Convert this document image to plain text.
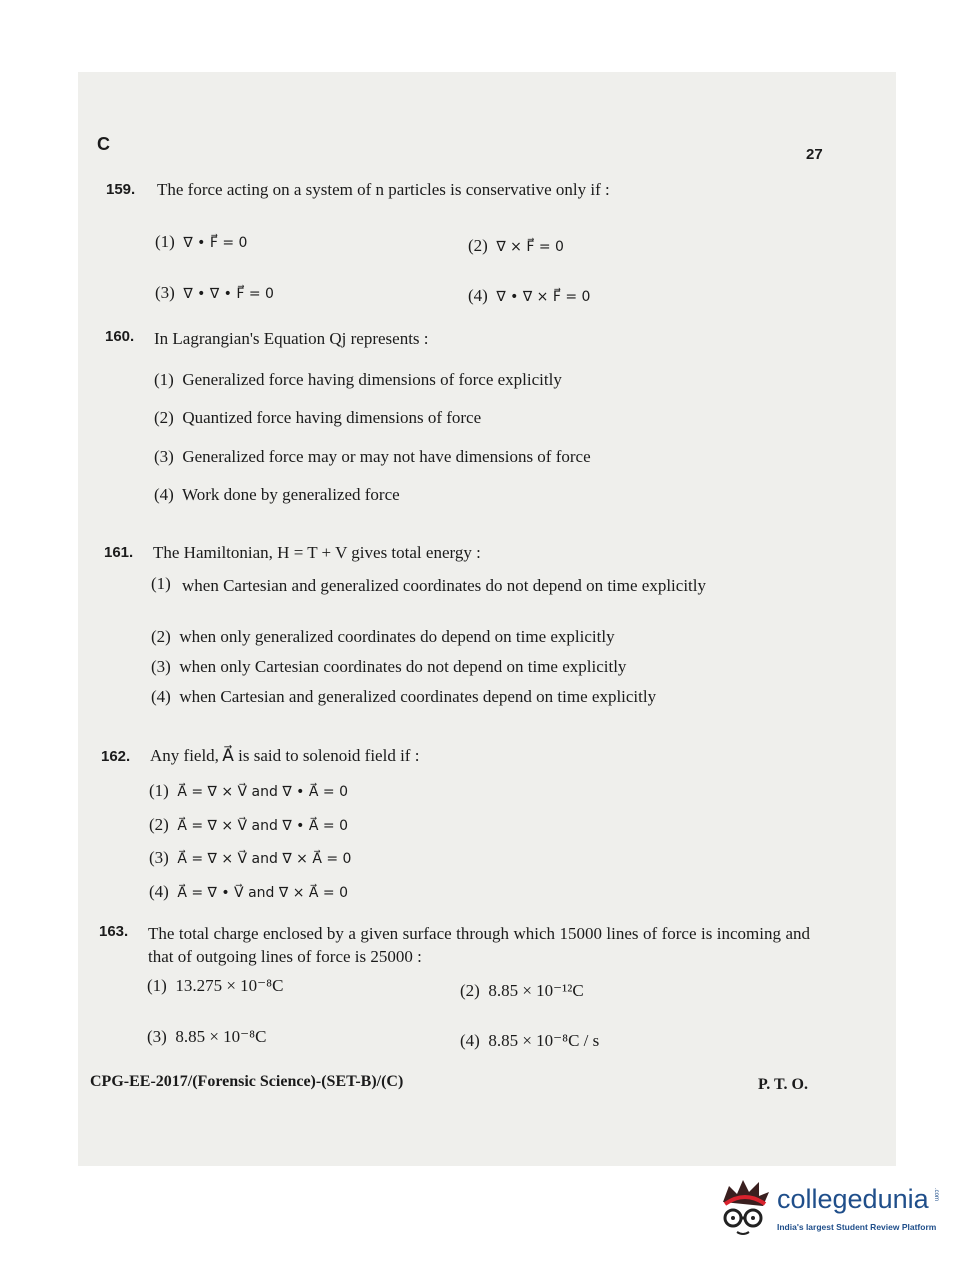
C
27
159. The force acting on a system of n particles is conservative only if :
(1) ∇ • F⃗ = 0	(2) ∇ × F⃗ = 0
(3) ∇ • ∇ • F⃗ = 0	(4) ∇ • ∇ × F⃗ = 0
160. In Lagrangian's Equation Qj represents :
(1) Generalized force having dimensions of force explicitly
(2) Quantized force having dimensions of force
(3) Generalized force may or may not have dimensions of force
(4) Work done by generalized force
161. The Hamiltonian, H = T + V gives total energy :
(1) when Cartesian and generalized coordinates do not depend on time explicitly
(2) when only generalized coordinates do depend on time explicitly
(3) when only Cartesian coordinates do not depend on time explicitly
(4) when Cartesian and generalized coordinates depend on time explicitly
162. Any field, A⃗ is said to solenoid field if :
(1) A⃗ = ∇ × V⃗ and ∇ • A⃗ = 0
(2) A⃗ = ∇ × V⃗ and ∇ • A⃗ = 0
(3) A⃗ = ∇ × V⃗ and ∇ × A⃗ = 0
(4) A⃗ = ∇ • V⃗ and ∇ × A⃗ = 0
163. The total charge enclosed by a given surface through which 15000 lines of force is incoming and that of outgoing lines of force is 25000 :
(1) 13.275 × 10⁻⁸C	(2) 8.85 × 10⁻¹²C
(3) 8.85 × 10⁻⁸C	(4) 8.85 × 10⁻⁸C / s
CPG-EE-2017/(Forensic Science)-(SET-B)/(C)	P. T. O.
collegedunia .com
India's largest Student Review Platform
